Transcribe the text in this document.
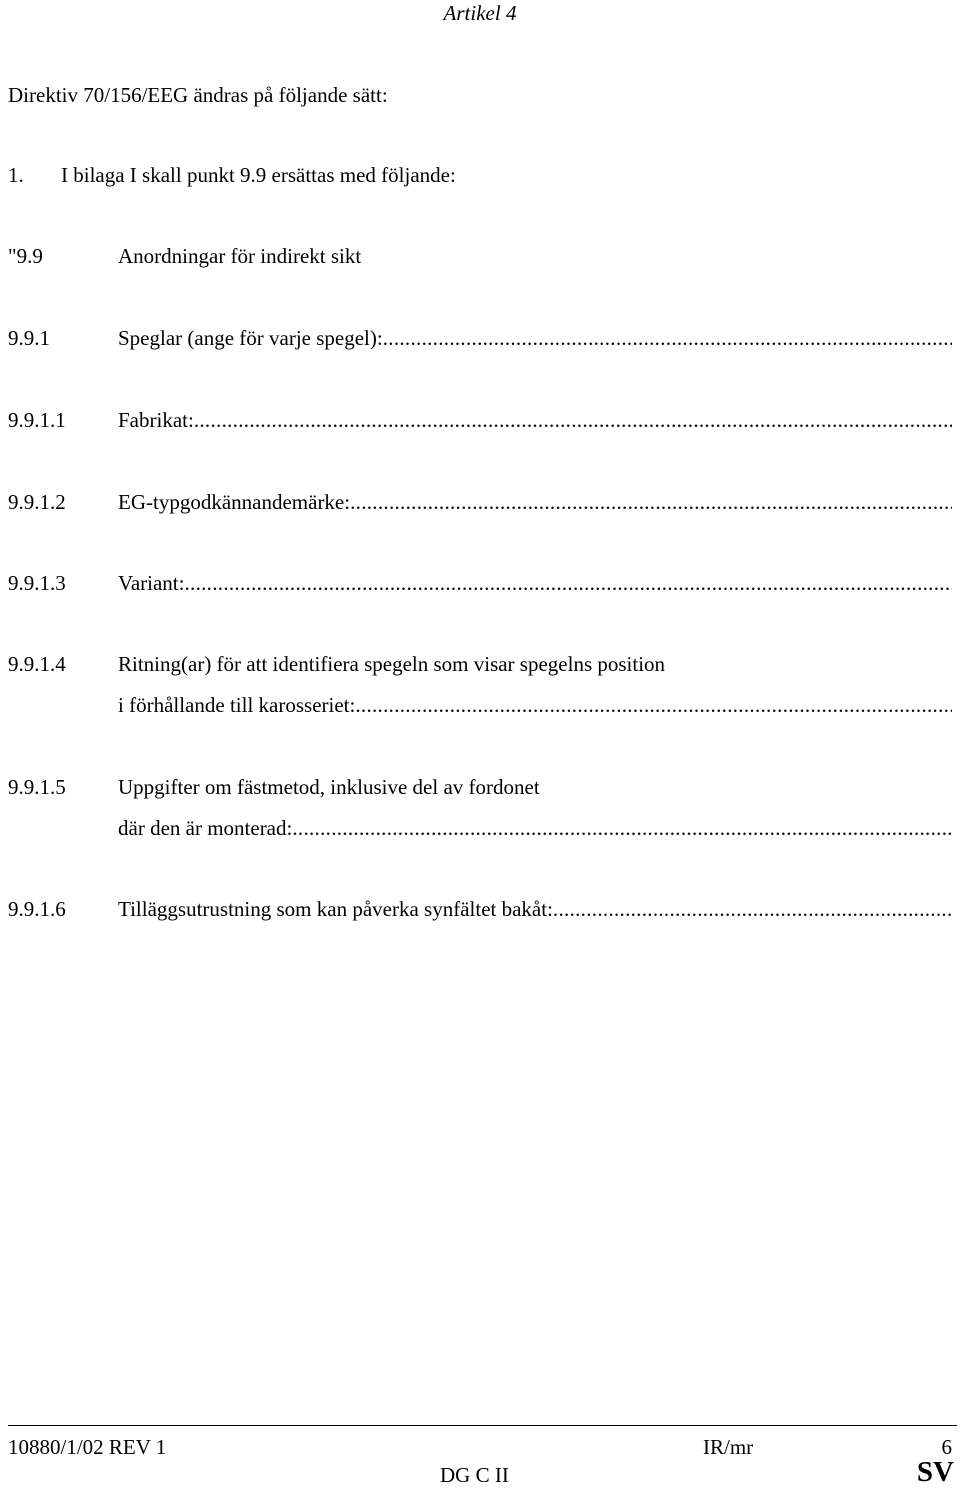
Artikel 4
Direktiv 70/156/EEG ändras på följande sätt:
1. I bilaga I skall punkt 9.9 ersättas med följande:
"9.9	Anordningar för indirekt sikt
9.9.1	Speglar (ange för varje spegel):
.....
9.9.1.1 Fabrikat:
.....
9.9.1.2 EG-typgodkännandemärke:
.....
9.9.1.3 Variant:
.....
9.9.1.4 Ritning(ar) för att identifiera spegeln som visar spegelns position
i förhållande till karosseriet:
.....
9.9.1.5 Uppgifter om fästmetod, inklusive del av fordonet
där den är monterad:
.....
9.9.1.6 Tilläggsutrustning som kan påverka synfältet bakåt:
.....
10880/1/02 REV 1	IR/mr	6
DG C II	SV
